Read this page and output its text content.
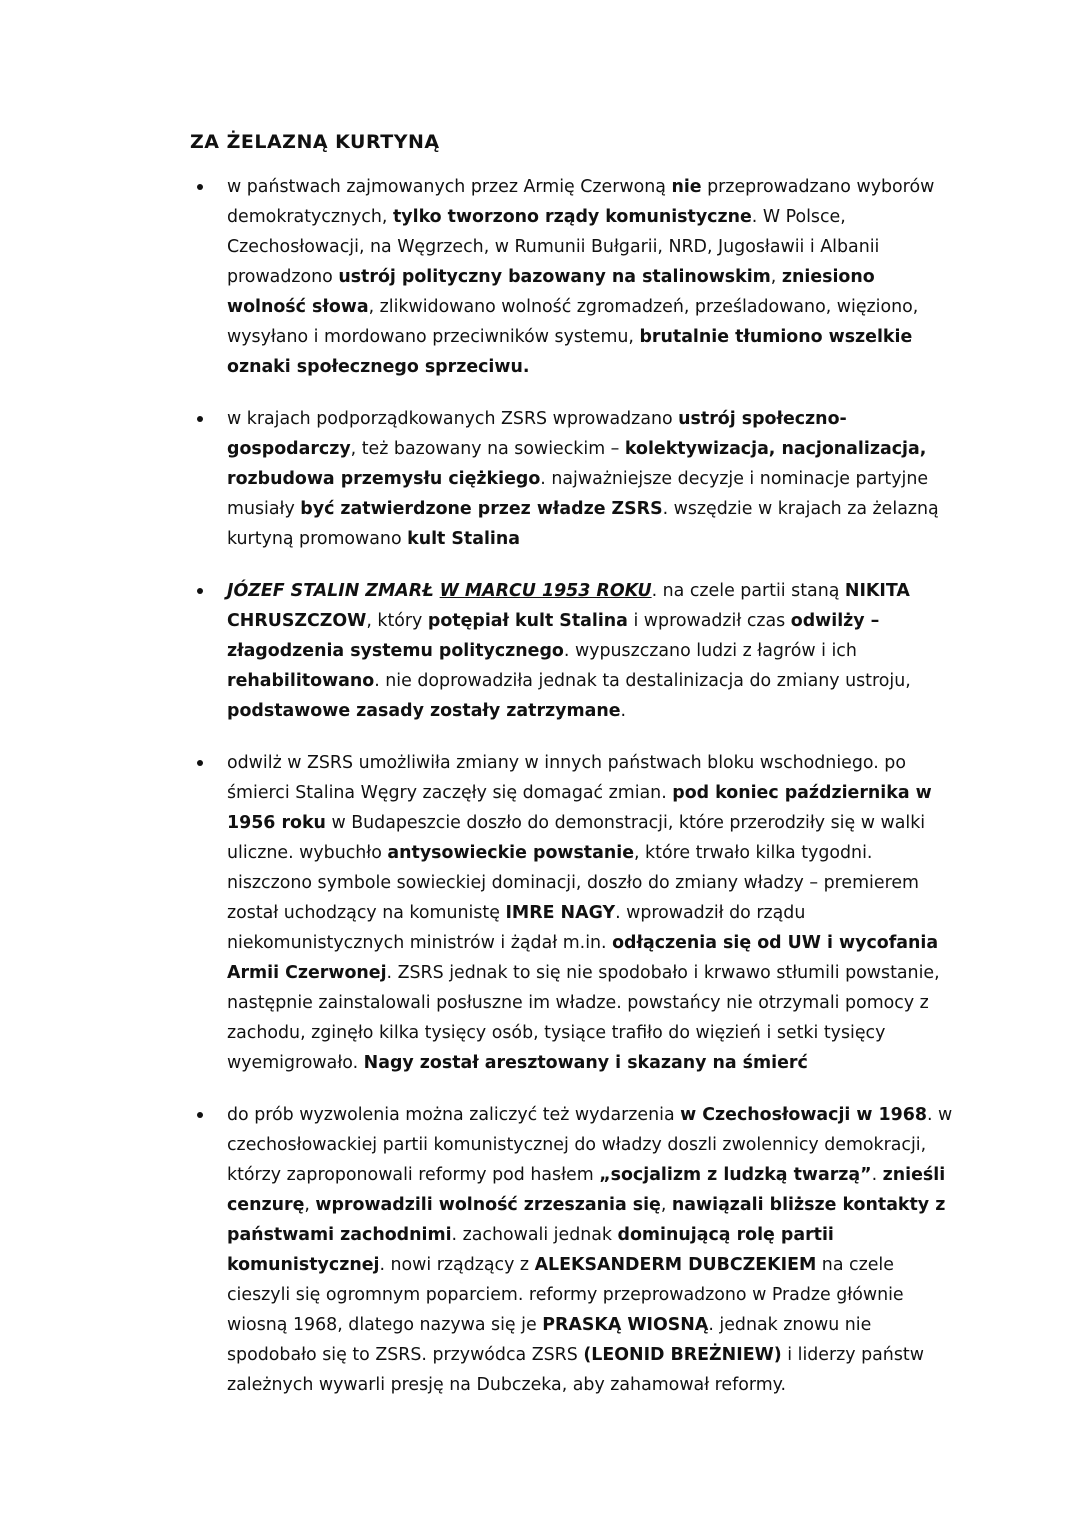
ZA ŻELAZNĄ KURTYNĄ
w państwach zajmowanych przez Armię Czerwoną nie przeprowadzano wyborów demokratycznych, tylko tworzono rządy komunistyczne. W Polsce, Czechosłowacji, na Węgrzech, w Rumunii Bułgarii, NRD, Jugosławii i Albanii prowadzono ustrój polityczny bazowany na stalinowskim, zniesiono wolność słowa, zlikwidowano wolność zgromadzeń, prześladowano, więziono, wysyłano i mordowano przeciwników systemu, brutalnie tłumiono wszelkie oznaki społecznego sprzeciwu.
w krajach podporządkowanych ZSRS wprowadzano ustrój społeczno-gospodarczy, też bazowany na sowieckim – kolektywizacja, nacjonalizacja, rozbudowa przemysłu ciężkiego. najważniejsze decyzje i nominacje partyjne musiały być zatwierdzone przez władze ZSRS. wszędzie w krajach za żelazną kurtyną promowano kult Stalina
JÓZEF STALIN ZMARŁ W MARCU 1953 ROKU. na czele partii staną NIKITA CHRUSZCZOW, który potępiał kult Stalina i wprowadził czas odwilży – złagodzenia systemu politycznego. wypuszczano ludzi z łagrów i ich rehabilitowano. nie doprowadziła jednak ta destalinizacja do zmiany ustroju, podstawowe zasady zostały zatrzymane.
odwilż w ZSRS umożliwiła zmiany w innych państwach bloku wschodniego. po śmierci Stalina Węgry zaczęły się domagać zmian. pod koniec października w 1956 roku w Budapeszcie doszło do demonstracji, które przerodziły się w walki uliczne. wybuchło antysowieckie powstanie, które trwało kilka tygodni. niszczono symbole sowieckiej dominacji, doszło do zmiany władzy – premierem został uchodzący na komunistę IMRE NAGY. wprowadził do rządu niekomunistycznych ministrów i żądał m.in. odłączenia się od UW i wycofania Armii Czerwonej. ZSRS jednak to się nie spodobało i krwawo stłumili powstanie, następnie zainstalowali posłuszne im władze. powstańcy nie otrzymali pomocy z zachodu, zginęło kilka tysięcy osób, tysiące trafiło do więzień i setki tysięcy wyemigrowało. Nagy został aresztowany i skazany na śmierć
do prób wyzwolenia można zaliczyć też wydarzenia w Czechosłowacji w 1968. w czechosłowackiej partii komunistycznej do władzy doszli zwolennicy demokracji, którzy zaproponowali reformy pod hasłem „socjalizm z ludzką twarzą”. znieśli cenzurę, wprowadzili wolność zrzeszania się, nawiązali bliższe kontakty z państwami zachodnimi. zachowali jednak dominującą rolę partii komunistycznej. nowi rządzący z ALEKSANDERM DUBCZEKIEM na czele cieszyli się ogromnym poparciem. reformy przeprowadzono w Pradze głównie wiosną 1968, dlatego nazywa się je PRASKĄ WIOSNĄ. jednak znowu nie spodobało się to ZSRS. przywódca ZSRS (LEONID BREŻNIEW) i liderzy państw zależnych wywarli presję na Dubczeka, aby zahamował reformy.
